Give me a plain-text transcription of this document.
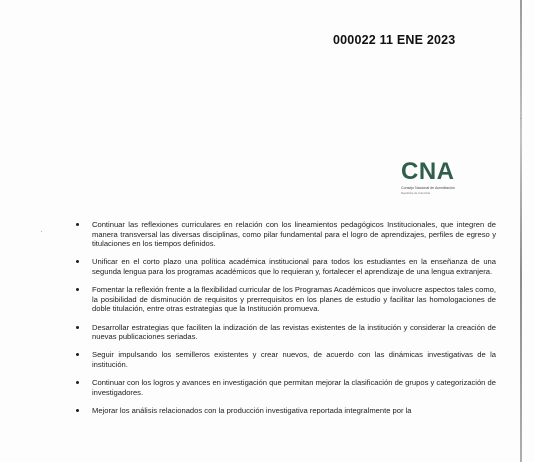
000022 11 ENE 2023
CNA
Consejo Nacional de Acreditación
República de Colombia
Continuar las reflexiones curriculares en relación con los lineamientos pedagógicos Institucionales, que integren de manera transversal las diversas disciplinas, como pilar fundamental para el logro de aprendizajes, perfiles de egreso y titulaciones en los tiempos definidos.
Unificar en el corto plazo una política académica institucional para todos los estudiantes en la enseñanza de una segunda lengua para los programas académicos que lo requieran y, fortalecer el aprendizaje de una lengua extranjera.
Fomentar la reflexión frente a la flexibilidad curricular de los Programas Académicos que involucre aspectos tales como, la posibilidad de disminución de requisitos y prerrequisitos en los planes de estudio y facilitar las homologaciones de doble titulación, entre otras estrategias que la Institución promueva.
Desarrollar estrategias que faciliten la indización de las revistas existentes de la institución y considerar la creación de nuevas publicaciones seriadas.
Seguir impulsando los semilleros existentes y crear nuevos, de acuerdo con las dinámicas investigativas de la institución.
Continuar con los logros y avances en investigación que permitan mejorar la clasificación de grupos y categorización de investigadores.
Mejorar los análisis relacionados con la producción investigativa reportada integralmente por la
